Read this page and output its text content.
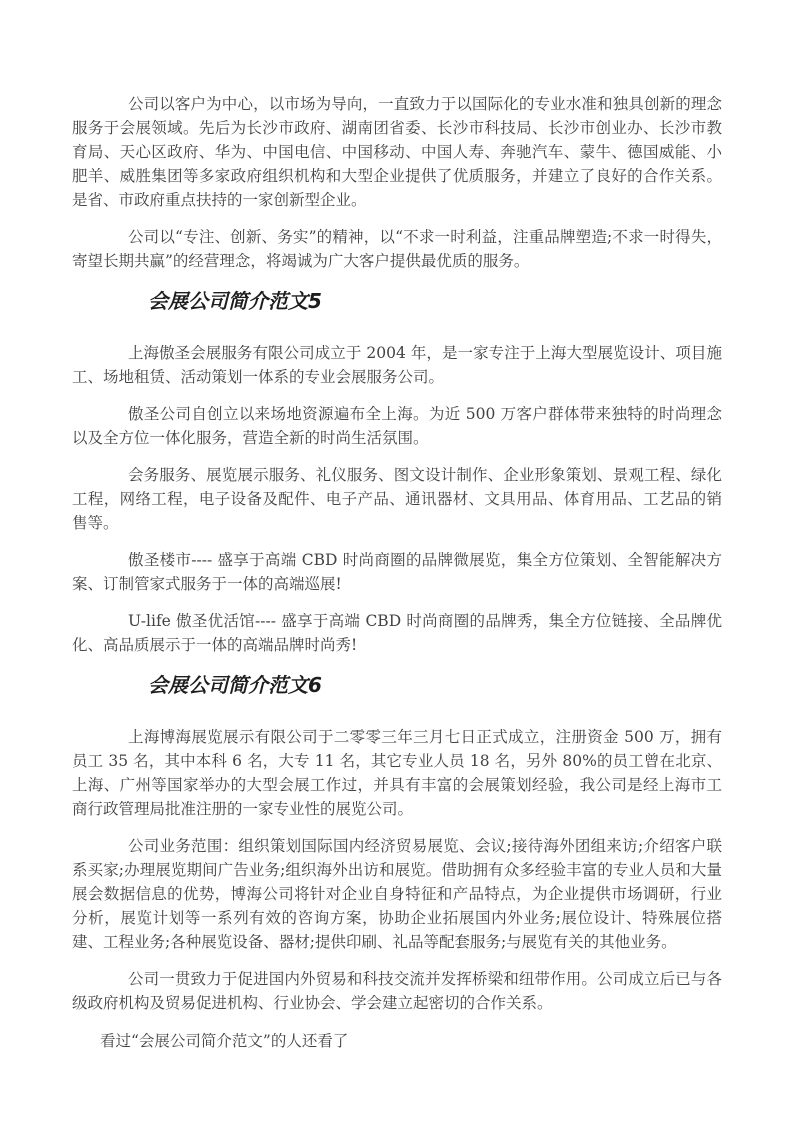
公司以客户为中心，以市场为导向，一直致力于以国际化的专业水准和独具创新的理念服务于会展领域。先后为长沙市政府、湖南团省委、长沙市科技局、长沙市创业办、长沙市教育局、天心区政府、华为、中国电信、中国移动、中国人寿、奔驰汽车、蒙牛、德国威能、小肥羊、威胜集团等多家政府组织机构和大型企业提供了优质服务，并建立了良好的合作关系。是省、市政府重点扶持的一家创新型企业。

公司以“专注、创新、务实”的精神，以“不求一时利益，注重品牌塑造;不求一时得失，寄望长期共赢”的经营理念，将竭诚为广大客户提供最优质的服务。

会展公司简介范文5

上海傲圣会展服务有限公司成立于 2004 年，是一家专注于上海大型展览设计、项目施工、场地租赁、活动策划一体系的专业会展服务公司。

傲圣公司自创立以来场地资源遍布全上海。为近 500 万客户群体带来独特的时尚理念以及全方位一体化服务，营造全新的时尚生活氛围。

会务服务、展览展示服务、礼仪服务、图文设计制作、企业形象策划、景观工程、绿化工程，网络工程，电子设备及配件、电子产品、通讯器材、文具用品、体育用品、工艺品的销售等。

傲圣楼市---- 盛享于高端 CBD 时尚商圈的品牌微展览，集全方位策划、全智能解决方案、订制管家式服务于一体的高端巡展!

U-life 傲圣优活馆---- 盛享于高端 CBD 时尚商圈的品牌秀，集全方位链接、全品牌优化、高品质展示于一体的高端品牌时尚秀!

会展公司简介范文6

上海博海展览展示有限公司于二零零三年三月七日正式成立，注册资金 500 万，拥有员工 35 名，其中本科 6 名，大专 11 名，其它专业人员 18 名，另外 80%的员工曾在北京、上海、广州等国家举办的大型会展工作过，并具有丰富的会展策划经验，我公司是经上海市工商行政管理局批准注册的一家专业性的展览公司。

公司业务范围：组织策划国际国内经济贸易展览、会议;接待海外团组来访;介绍客户联系买家;办理展览期间广告业务;组织海外出访和展览。借助拥有众多经验丰富的专业人员和大量展会数据信息的优势，博海公司将针对企业自身特征和产品特点，为企业提供市场调研，行业分析，展览计划等一系列有效的咨询方案，协助企业拓展国内外业务;展位设计、特殊展位搭建、工程业务;各种展览设备、器材;提供印刷、礼品等配套服务;与展览有关的其他业务。

公司一贯致力于促进国内外贸易和科技交流并发挥桥梁和纽带作用。公司成立后已与各级政府机构及贸易促进机构、行业协会、学会建立起密切的合作关系。

看过“会展公司简介范文”的人还看了
